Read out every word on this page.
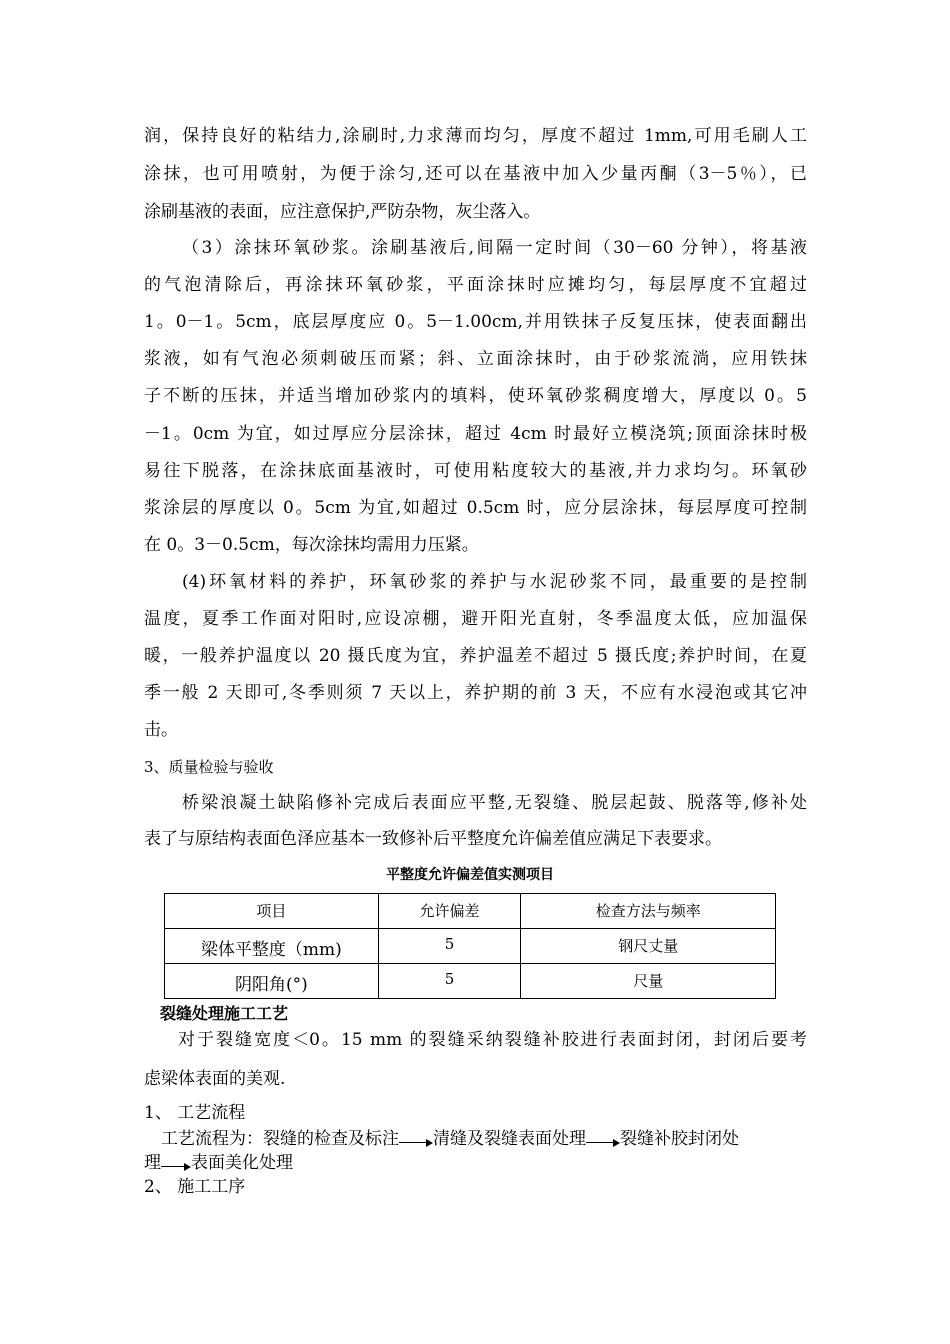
润，保持良好的粘结力,涂刷时,力求薄而均匀，厚度不超过 1mm,可用毛刷人工
涂抹，也可用喷射，为便于涂匀,还可以在基液中加入少量丙酮（3－5％），已
涂刷基液的表面，应注意保护,严防杂物，灰尘落入。
（3）涂抹环氧砂浆。涂刷基液后,间隔一定时间（30－60 分钟），将基液
的气泡清除后，再涂抹环氧砂浆，平面涂抹时应摊均匀，每层厚度不宜超过
1。0－1。5cm，底层厚度应 0。5－1.00cm,并用铁抹子反复压抹，使表面翻出
浆液，如有气泡必须刺破压而紧；斜、立面涂抹时，由于砂浆流淌，应用铁抹
子不断的压抹，并适当增加砂浆内的填料，使环氧砂浆稠度增大，厚度以 0。5
－1。0cm 为宜，如过厚应分层涂抹，超过 4cm 时最好立模浇筑;顶面涂抹时极
易往下脱落，在涂抹底面基液时，可使用粘度较大的基液,并力求均匀。环氧砂
浆涂层的厚度以 0。5cm 为宜,如超过 0.5cm 时，应分层涂抹，每层厚度可控制
在 0。3－0.5cm，每次涂抹均需用力压紧。
(4)环氧材料的养护，环氧砂浆的养护与水泥砂浆不同，最重要的是控制
温度，夏季工作面对阳时,应设凉棚，避开阳光直射，冬季温度太低，应加温保
暖，一般养护温度以 20 摄氏度为宜，养护温差不超过 5 摄氏度;养护时间，在夏
季一般 2 天即可,冬季则须 7 天以上，养护期的前 3 天，不应有水浸泡或其它冲
击。
3、质量检验与验收
桥梁浪凝土缺陷修补完成后表面应平整,无裂缝、脱层起鼓、脱落等,修补处
表了与原结构表面色泽应基本一致修补后平整度允许偏差值应满足下表要求。
平整度允许偏差值实测项目
项目	允许偏差	检查方法与频率
梁体平整度（mm)	5	钢尺丈量
阴阳角(°)	5	尺量
裂缝处理施工工艺
对于裂缝宽度＜0。15 mm 的裂缝采纳裂缝补胶进行表面封闭，封闭后要考
虑梁体表面的美观.
1、 工艺流程
工艺流程为：裂缝的检查及标注 清缝及裂缝表面处理 裂缝补胶封闭处
理 表面美化处理
2、 施工工序
